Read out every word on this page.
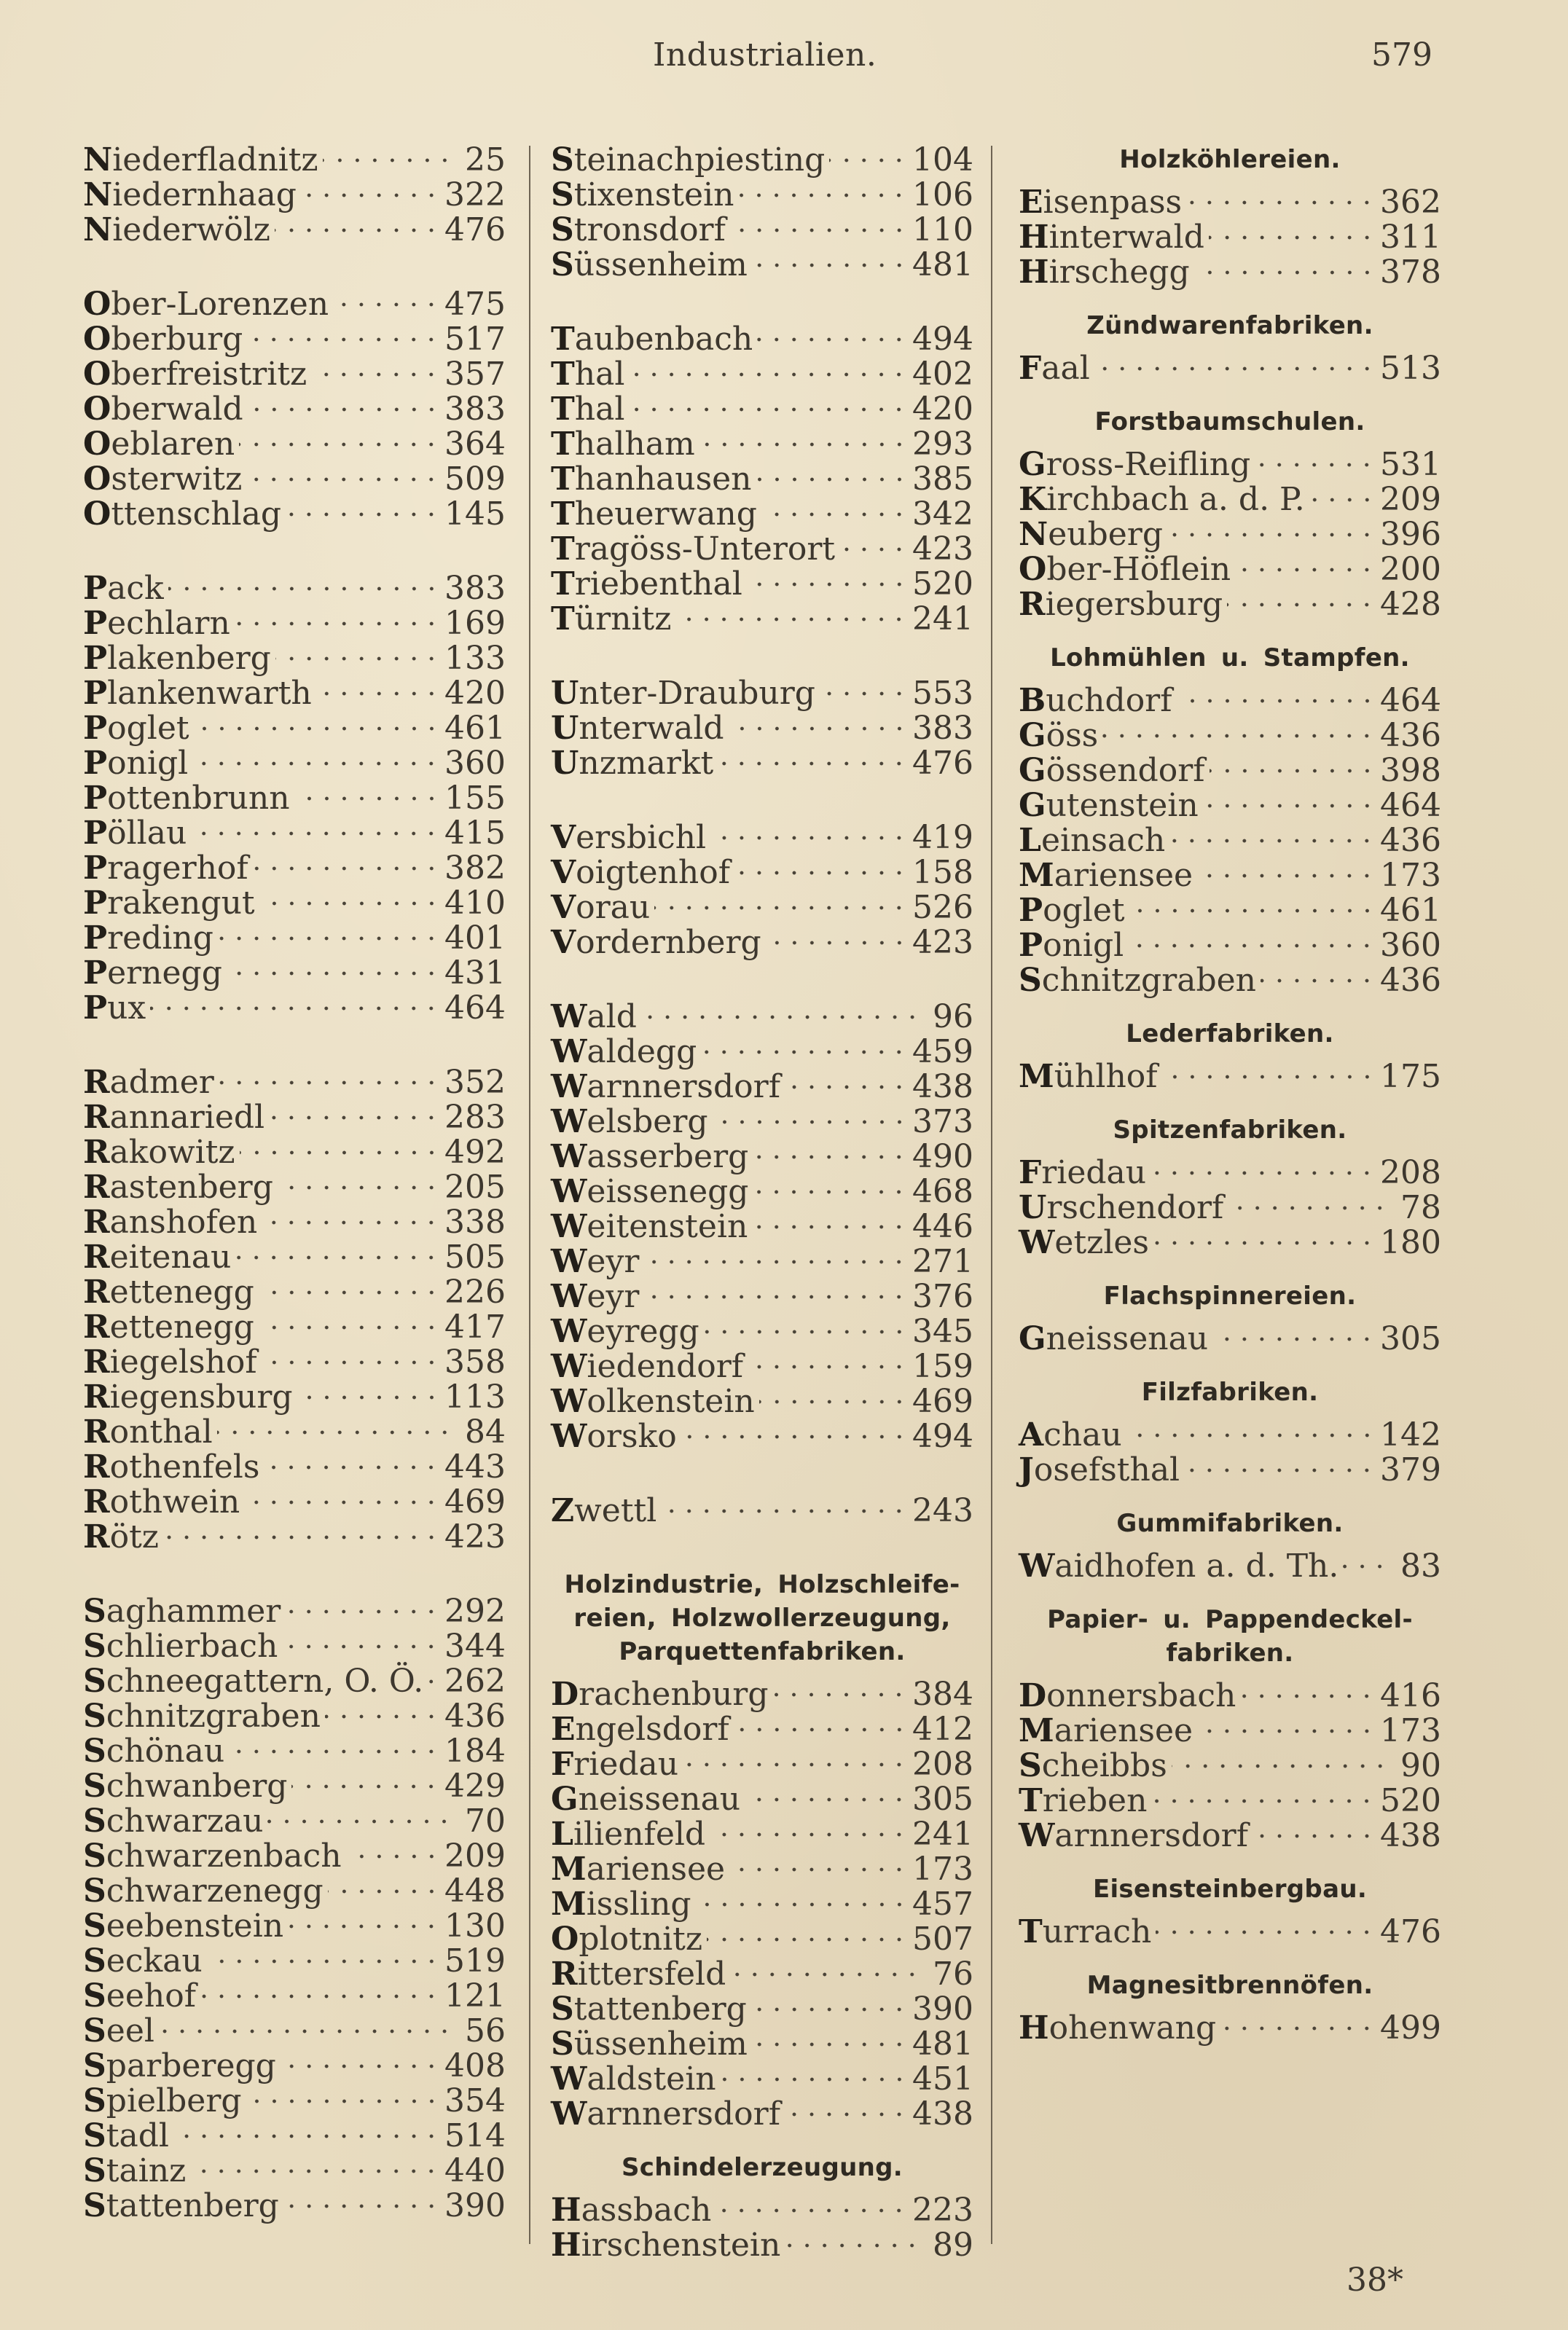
Industrialien.	579
Niederfladnitz	25
Niedernhaag	322
Niederwölz	476
Ober-Lorenzen	475
Oberburg	517
Oberfreistritz	357
Oberwald	383
Oeblaren	364
Osterwitz	509
Ottenschlag	145
Pack	383
Pechlarn	169
Plakenberg	133
Plankenwarth	420
Poglet	461
Ponigl	360
Pottenbrunn	155
Pöllau	415
Pragerhof	382
Prakengut	410
Preding	401
Pernegg	431
Pux	464
Radmer	352
Rannariedl	283
Rakowitz	492
Rastenberg	205
Ranshofen	338
Reitenau	505
Rettenegg	226
Rettenegg	417
Riegelshof	358
Riegensburg	113
Ronthal	84
Rothenfels	443
Rothwein	469
Rötz	423
Saghammer	292
Schlierbach	344
Schneegattern, O. Ö. 262
Schnitzgraben	436
Schönau	184
Schwanberg	429
Schwarzau	70
Schwarzenbach	209
Schwarzenegg	448
Seebenstein	130
Seckau	519
Seehof	121
Seel	56
Sparberegg	408
Spielberg	354
Stadl	514
Stainz	440
Stattenberg	390
Steinachpiesting	104
Stixenstein	106
Stronsdorf	110
Süssenheim	481
Taubenbach	494
Thal	402
Thal	420
Thalham	293
Thanhausen	385
Theuerwang	342
Tragöss-Unterort 423
Triebenthal	520
Türnitz	241
Unter-Drauburg	553
Unterwald	383
Unzmarkt	476
Versbichl	419
Voigtenhof	158
Vorau	526
Vordernberg	423
Wald	96
Waldegg	459
Warnnersdorf	438
Welsberg	373
Wasserberg	490
Weissenegg	468
Weitenstein	446
Weyr	271
Weyr	376
Weyregg	345
Wiedendorf	159
Wolkenstein	469
Worsko	494
Zwettl	243
Holzindustrie, Holzschleife-reien, Holzwollerzeugung, Parquettenfabriken.
Drachenburg	384
Engelsdorf	412
Friedau	208
Gneissenau	305
Lilienfeld	241
Mariensee	173
Missling	457
Oplotnitz	507
Rittersfeld	76
Stattenberg	390
Süssenheim	481
Waldstein	451
Warnnersdorf	438
Schindelerzeugung.
Hassbach	223
Hirschenstein	89
Holzköhlereien.
Eisenpass	362
Hinterwald	311
Hirschegg	378
Zündwarenfabriken.
Faal	513
Forstbaumschulen.
Gross-Reifling	531
Kirchbach a. d. P. 209
Neuberg	396
Ober-Höflein	200
Riegersburg	428
Lohmühlen u. Stampfen.
Buchdorf	464
Göss	436
Gössendorf	398
Gutenstein	464
Leinsach	436
Mariensee	173
Poglet	461
Ponigl	360
Schnitzgraben	436
Lederfabriken.
Mühlhof	175
Spitzenfabriken.
Friedau	208
Urschendorf	78
Wetzles	180
Flachspinnereien.
Gneissenau	305
Filzfabriken.
Achau	142
Josefsthal	379
Gummifabriken.
Waidhofen a. d. Th. 83
Papier- u. Pappendeckel-fabriken.
Donnersbach	416
Mariensee	173
Scheibbs	90
Trieben	520
Warnnersdorf	438
Eisensteinbergbau.
Turrach	476
Magnesitbrennöfen.
Hohenwang	499
38*
